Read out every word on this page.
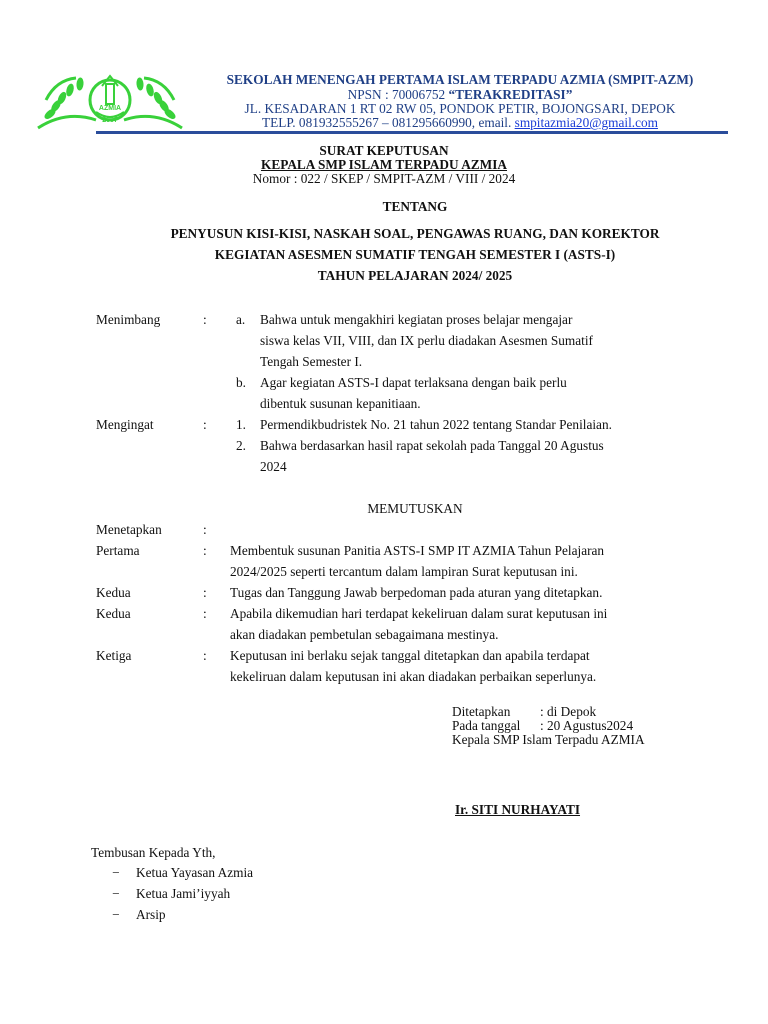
AZMIA
2007
SEKOLAH MENENGAH PERTAMA ISLAM TERPADU AZMIA (SMPIT-AZM)
NPSN : 70006752 “TERAKREDITASI”
JL. KESADARAN 1 RT 02 RW 05, PONDOK PETIR, BOJONGSARI, DEPOK
TELP. 081932555267 – 081295660990, email. smpitazmia20@gmail.com
SURAT KEPUTUSAN
KEPALA SMP ISLAM TERPADU AZMIA
Nomor : 022 / SKEP / SMPIT-AZM / VIII / 2024
TENTANG
PENYUSUN KISI-KISI, NASKAH SOAL, PENGAWAS RUANG, DAN KOREKTOR
KEGIATAN ASESMEN SUMATIF TENGAH SEMESTER I (ASTS-I)
TAHUN PELAJARAN 2024/ 2025
Menimbang	: a. Bahwa untuk mengakhiri kegiatan proses belajar mengajar
siswa kelas VII, VIII, dan IX perlu diadakan Asesmen Sumatif
Tengah Semester I.
b. Agar kegiatan ASTS-I dapat terlaksana dengan baik perlu
dibentuk susunan kepanitiaan.
Mengingat	: 1. Permendikbudristek No. 21 tahun 2022 tentang Standar Penilaian.
2. Bahwa berdasarkan hasil rapat sekolah pada Tanggal 20 Agustus
2024
MEMUTUSKAN
Menetapkan	:
Pertama	: Membentuk susunan Panitia ASTS-I SMP IT AZMIA Tahun Pelajaran
2024/2025 seperti tercantum dalam lampiran Surat keputusan ini.
Kedua	: Tugas dan Tanggung Jawab berpedoman pada aturan yang ditetapkan.
Kedua	: Apabila dikemudian hari terdapat kekeliruan dalam surat keputusan ini
akan diadakan pembetulan sebagaimana mestinya.
Ketiga	: Keputusan ini berlaku sejak tanggal ditetapkan dan apabila terdapat
kekeliruan dalam keputusan ini akan diadakan perbaikan seperlunya.
Ditetapkan : di Depok
Pada tanggal : 20 Agustus2024
Kepala SMP Islam Terpadu AZMIA
Ir. SITI NURHAYATI
Tembusan Kepada Yth,
− Ketua Yayasan Azmia
− Ketua Jami’iyyah
− Arsip
